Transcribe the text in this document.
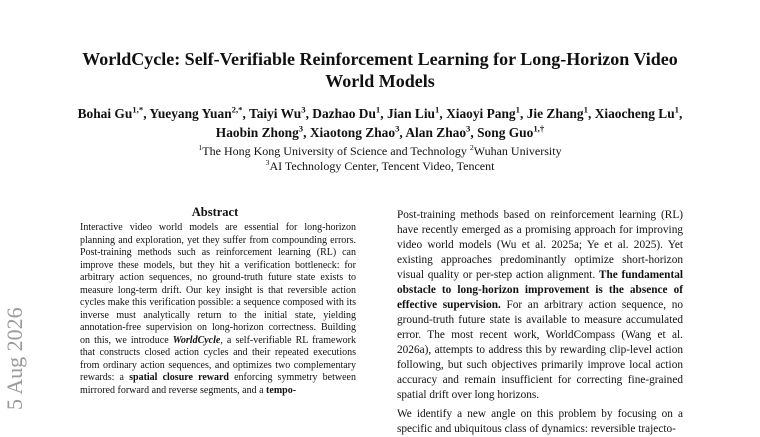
5 Aug 2026
WorldCycle: Self-Verifiable Reinforcement Learning for Long-Horizon Video World Models
Bohai $Gu^{1,*}$, Yueyang Yuan$^{2,*}$, Taiyi Wu$^3$, Dazhao Du$^1$, Jian Liu$^1$, Xiaoyi Pang$^1$, Jie Zhang$^1$, Xiaocheng Lu$^1$, Haobin Zhong$^3$, Xiaotong Zhao$^3$, Alan Zhao$^3$, Song Guo$^{1,\dagger}$
$^1$The Hong Kong University of Science and Technology $^2$Wuhan University
$^3$AI Technology Center, Tencent Video, Tencent
Abstract
Interactive video world models are essential for long-horizon planning and exploration, yet they suffer from compounding errors. Post-training methods such as reinforcement learning (RL) can improve these models, but they hit a verification bottleneck: for arbitrary action sequences, no ground-truth future state exists to measure long-term drift. Our key insight is that reversible action cycles make this verification possible: a sequence composed with its inverse must analytically return to the initial state, yielding annotation-free supervision on long-horizon correctness. Building on this, we introduce WorldCycle, a self-verifiable RL framework that constructs closed action cycles and their repeated executions from ordinary action sequences, and optimizes two complementary rewards: a spatial closure reward enforcing symmetry between mirrored forward and reverse segments, and a tempo-

Post-training methods based on reinforcement learning (RL) have recently emerged as a promising approach for improving video world models (Wu et al. 2025a; Ye et al. 2025). Yet existing approaches predominantly optimize short-horizon visual quality or per-step action alignment. The fundamental obstacle to long-horizon improvement is the absence of effective supervision. For an arbitrary action sequence, no ground-truth future state is available to measure accumulated error. The most recent work, WorldCompass (Wang et al. 2026a), attempts to address this by rewarding clip-level action following, but such objectives primarily improve local action accuracy and remain insufficient for correcting fine-grained spatial drift over long horizons.

We identify a new angle on this problem by focusing on a specific and ubiquitous class of dynamics: reversible trajecto-
